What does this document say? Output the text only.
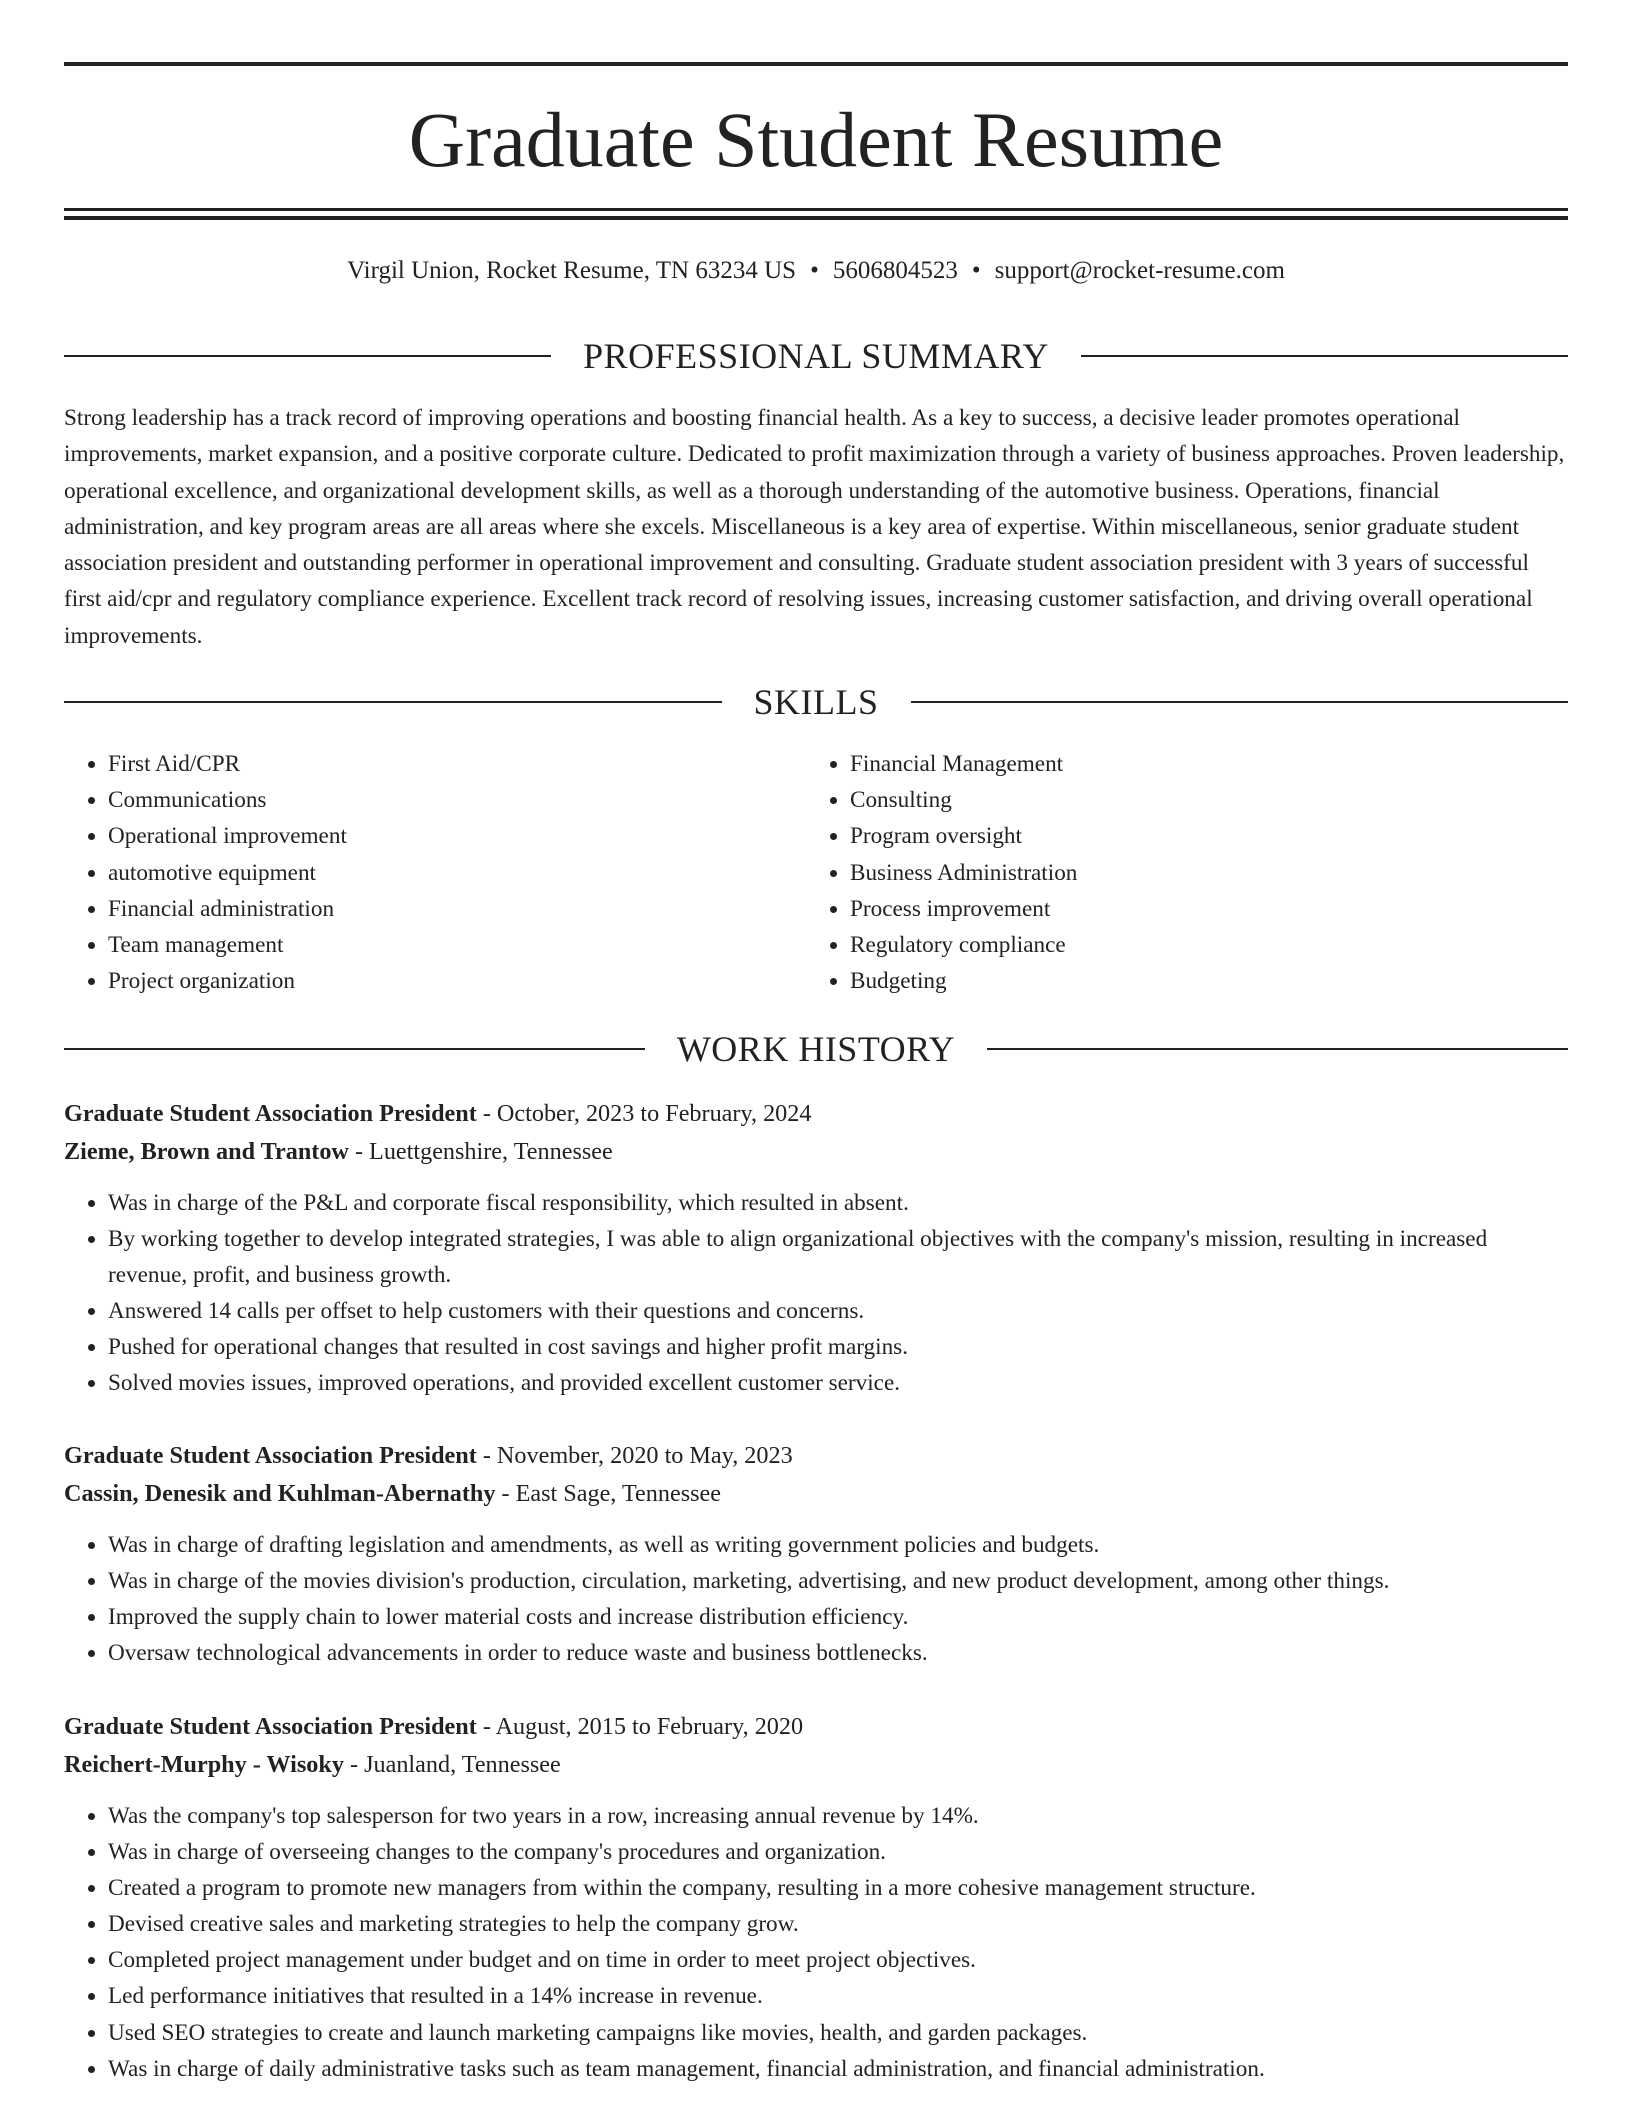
Graduate Student Resume
Virgil Union, Rocket Resume, TN 63234 US • 5606804523 • support@rocket-resume.com
PROFESSIONAL SUMMARY

Strong leadership has a track record of improving operations and boosting financial health. As a key to success, a decisive leader promotes operational improvements, market expansion, and a positive corporate culture. Dedicated to profit maximization through a variety of business approaches. Proven leadership, operational excellence, and organizational development skills, as well as a thorough understanding of the automotive business. Operations, financial administration, and key program areas are all areas where she excels. Miscellaneous is a key area of expertise. Within miscellaneous, senior graduate student association president and outstanding performer in operational improvement and consulting. Graduate student association president with 3 years of successful first aid/cpr and regulatory compliance experience. Excellent track record of resolving issues, increasing customer satisfaction, and driving overall operational improvements.

SKILLS
• First Aid/CPR
• Communications
• Operational improvement
• automotive equipment
• Financial administration
• Team management
• Project organization
• Financial Management
• Consulting
• Program oversight
• Business Administration
• Process improvement
• Regulatory compliance
• Budgeting
WORK HISTORY
Graduate Student Association President - October, 2023 to February, 2024
Zieme, Brown and Trantow - Luettgenshire, Tennessee
• Was in charge of the P&L and corporate fiscal responsibility, which resulted in absent.
• By working together to develop integrated strategies, I was able to align organizational objectives with the company's mission, resulting in increased revenue, profit, and business growth.
• Answered 14 calls per offset to help customers with their questions and concerns.
• Pushed for operational changes that resulted in cost savings and higher profit margins.
• Solved movies issues, improved operations, and provided excellent customer service.
Graduate Student Association President - November, 2020 to May, 2023
Cassin, Denesik and Kuhlman-Abernathy - East Sage, Tennessee
• Was in charge of drafting legislation and amendments, as well as writing government policies and budgets.
• Was in charge of the movies division's production, circulation, marketing, advertising, and new product development, among other things.
• Improved the supply chain to lower material costs and increase distribution efficiency.
• Oversaw technological advancements in order to reduce waste and business bottlenecks.
Graduate Student Association President - August, 2015 to February, 2020
Reichert-Murphy - Wisoky - Juanland, Tennessee
• Was the company's top salesperson for two years in a row, increasing annual revenue by 14%.
• Was in charge of overseeing changes to the company's procedures and organization.
• Created a program to promote new managers from within the company, resulting in a more cohesive management structure.
• Devised creative sales and marketing strategies to help the company grow.
• Completed project management under budget and on time in order to meet project objectives.
• Led performance initiatives that resulted in a 14% increase in revenue.
• Used SEO strategies to create and launch marketing campaigns like movies, health, and garden packages.
• Was in charge of daily administrative tasks such as team management, financial administration, and financial administration.
